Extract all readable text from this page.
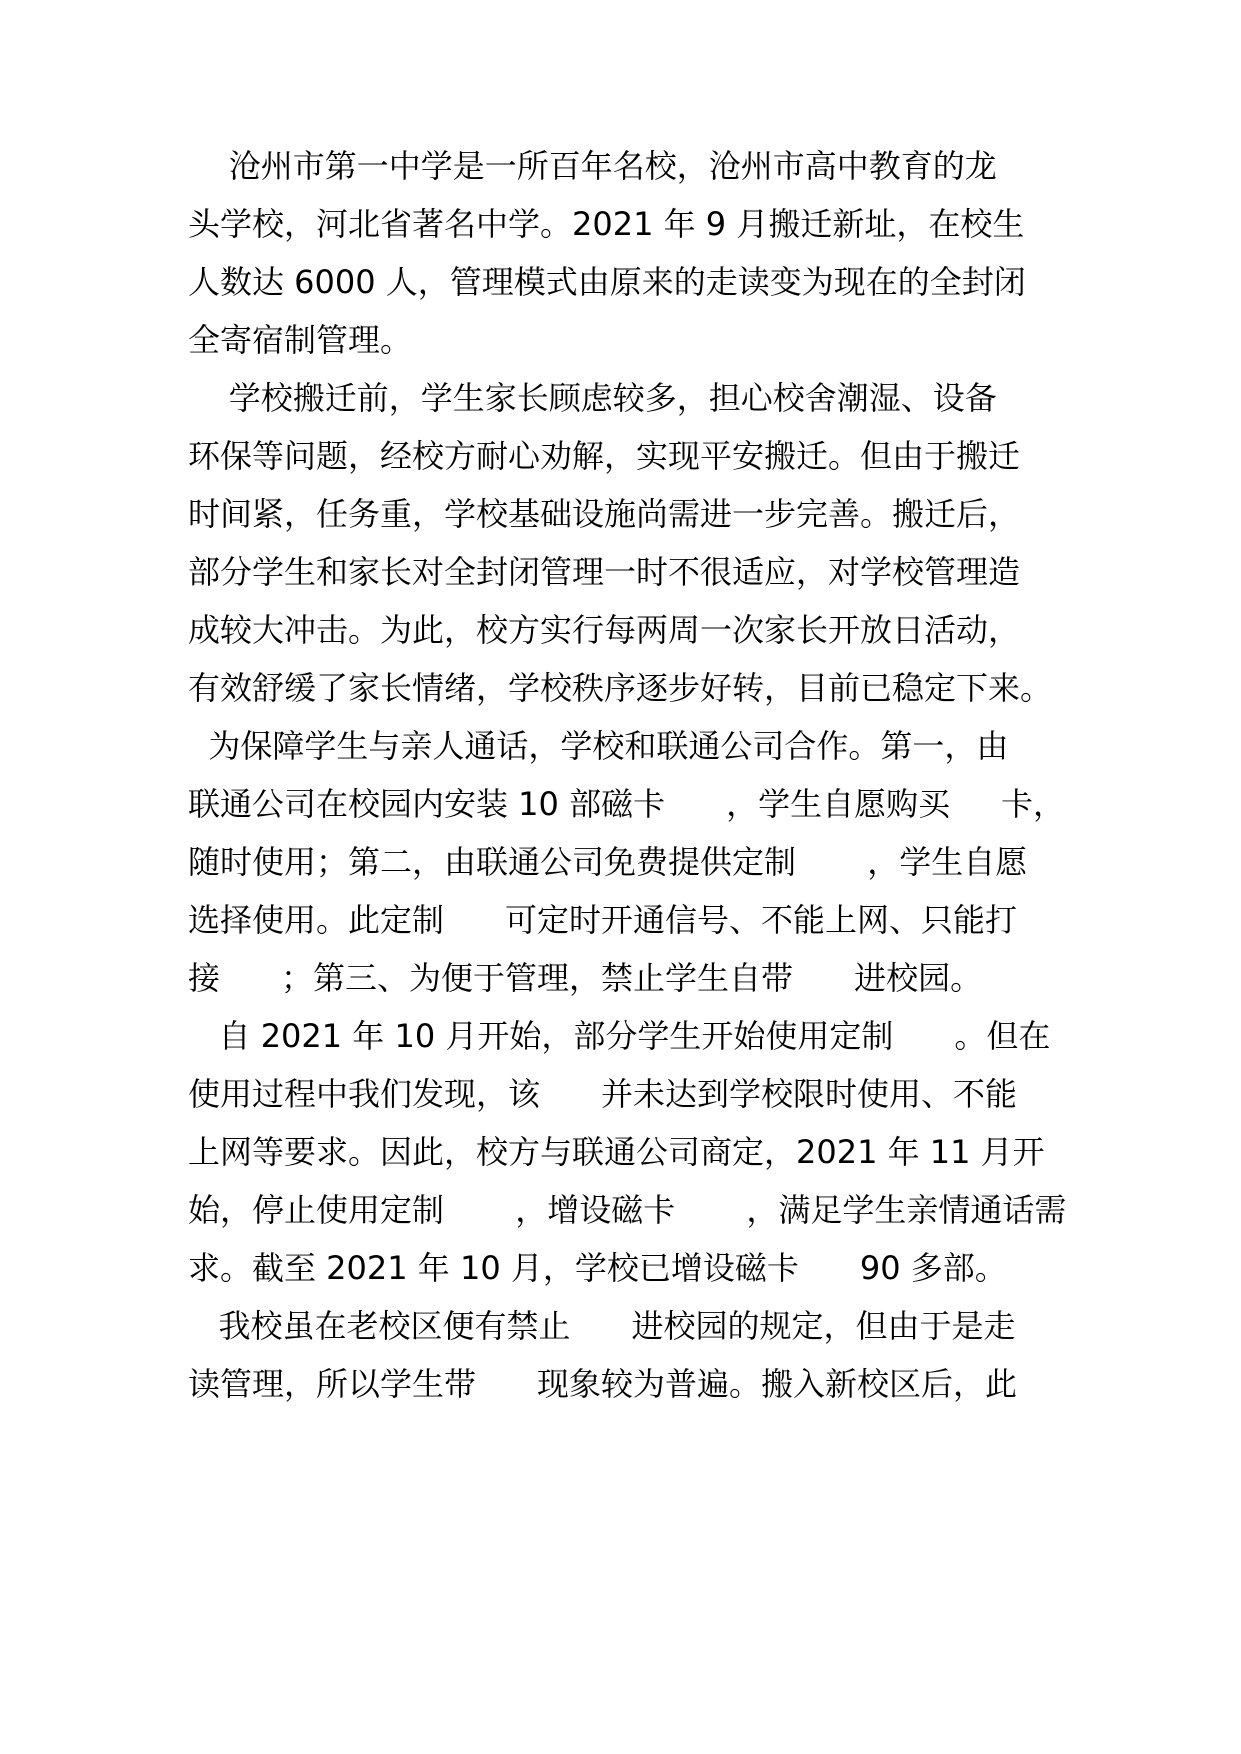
沧州市第一中学是一所百年名校，沧州市高中教育的龙
头学校，河北省著名中学。2021 年 9 月搬迁新址，在校生
人数达 6000 人，管理模式由原来的走读变为现在的全封闭
全寄宿制管理。
学校搬迁前，学生家长顾虑较多，担心校舍潮湿、设备
环保等问题，经校方耐心劝解，实现平安搬迁。但由于搬迁
时间紧，任务重，学校基础设施尚需进一步完善。搬迁后，
部分学生和家长对全封闭管理一时不很适应，对学校管理造
成较大冲击。为此，校方实行每两周一次家长开放日活动，
有效舒缓了家长情绪，学校秩序逐步好转，目前已稳定下来。
为保障学生与亲人通话，学校和联通公司合作。第一，由
联通公司在校园内安装 10 部磁卡      ，学生自愿购买     卡，
随时使用；第二，由联通公司免费提供定制       ，学生自愿
选择使用。此定制      可定时开通信号、不能上网、只能打
接      ；第三、为便于管理，禁止学生自带      进校园。
自 2021 年 10 月开始，部分学生开始使用定制      。但在
使用过程中我们发现，该      并未达到学校限时使用、不能
上网等要求。因此，校方与联通公司商定，2021 年 11 月开
始，停止使用定制       ，增设磁卡       ，满足学生亲情通话需
求。截至 2021 年 10 月，学校已增设磁卡      90 多部。
我校虽在老校区便有禁止      进校园的规定，但由于是走
读管理，所以学生带      现象较为普遍。搬入新校区后，此
